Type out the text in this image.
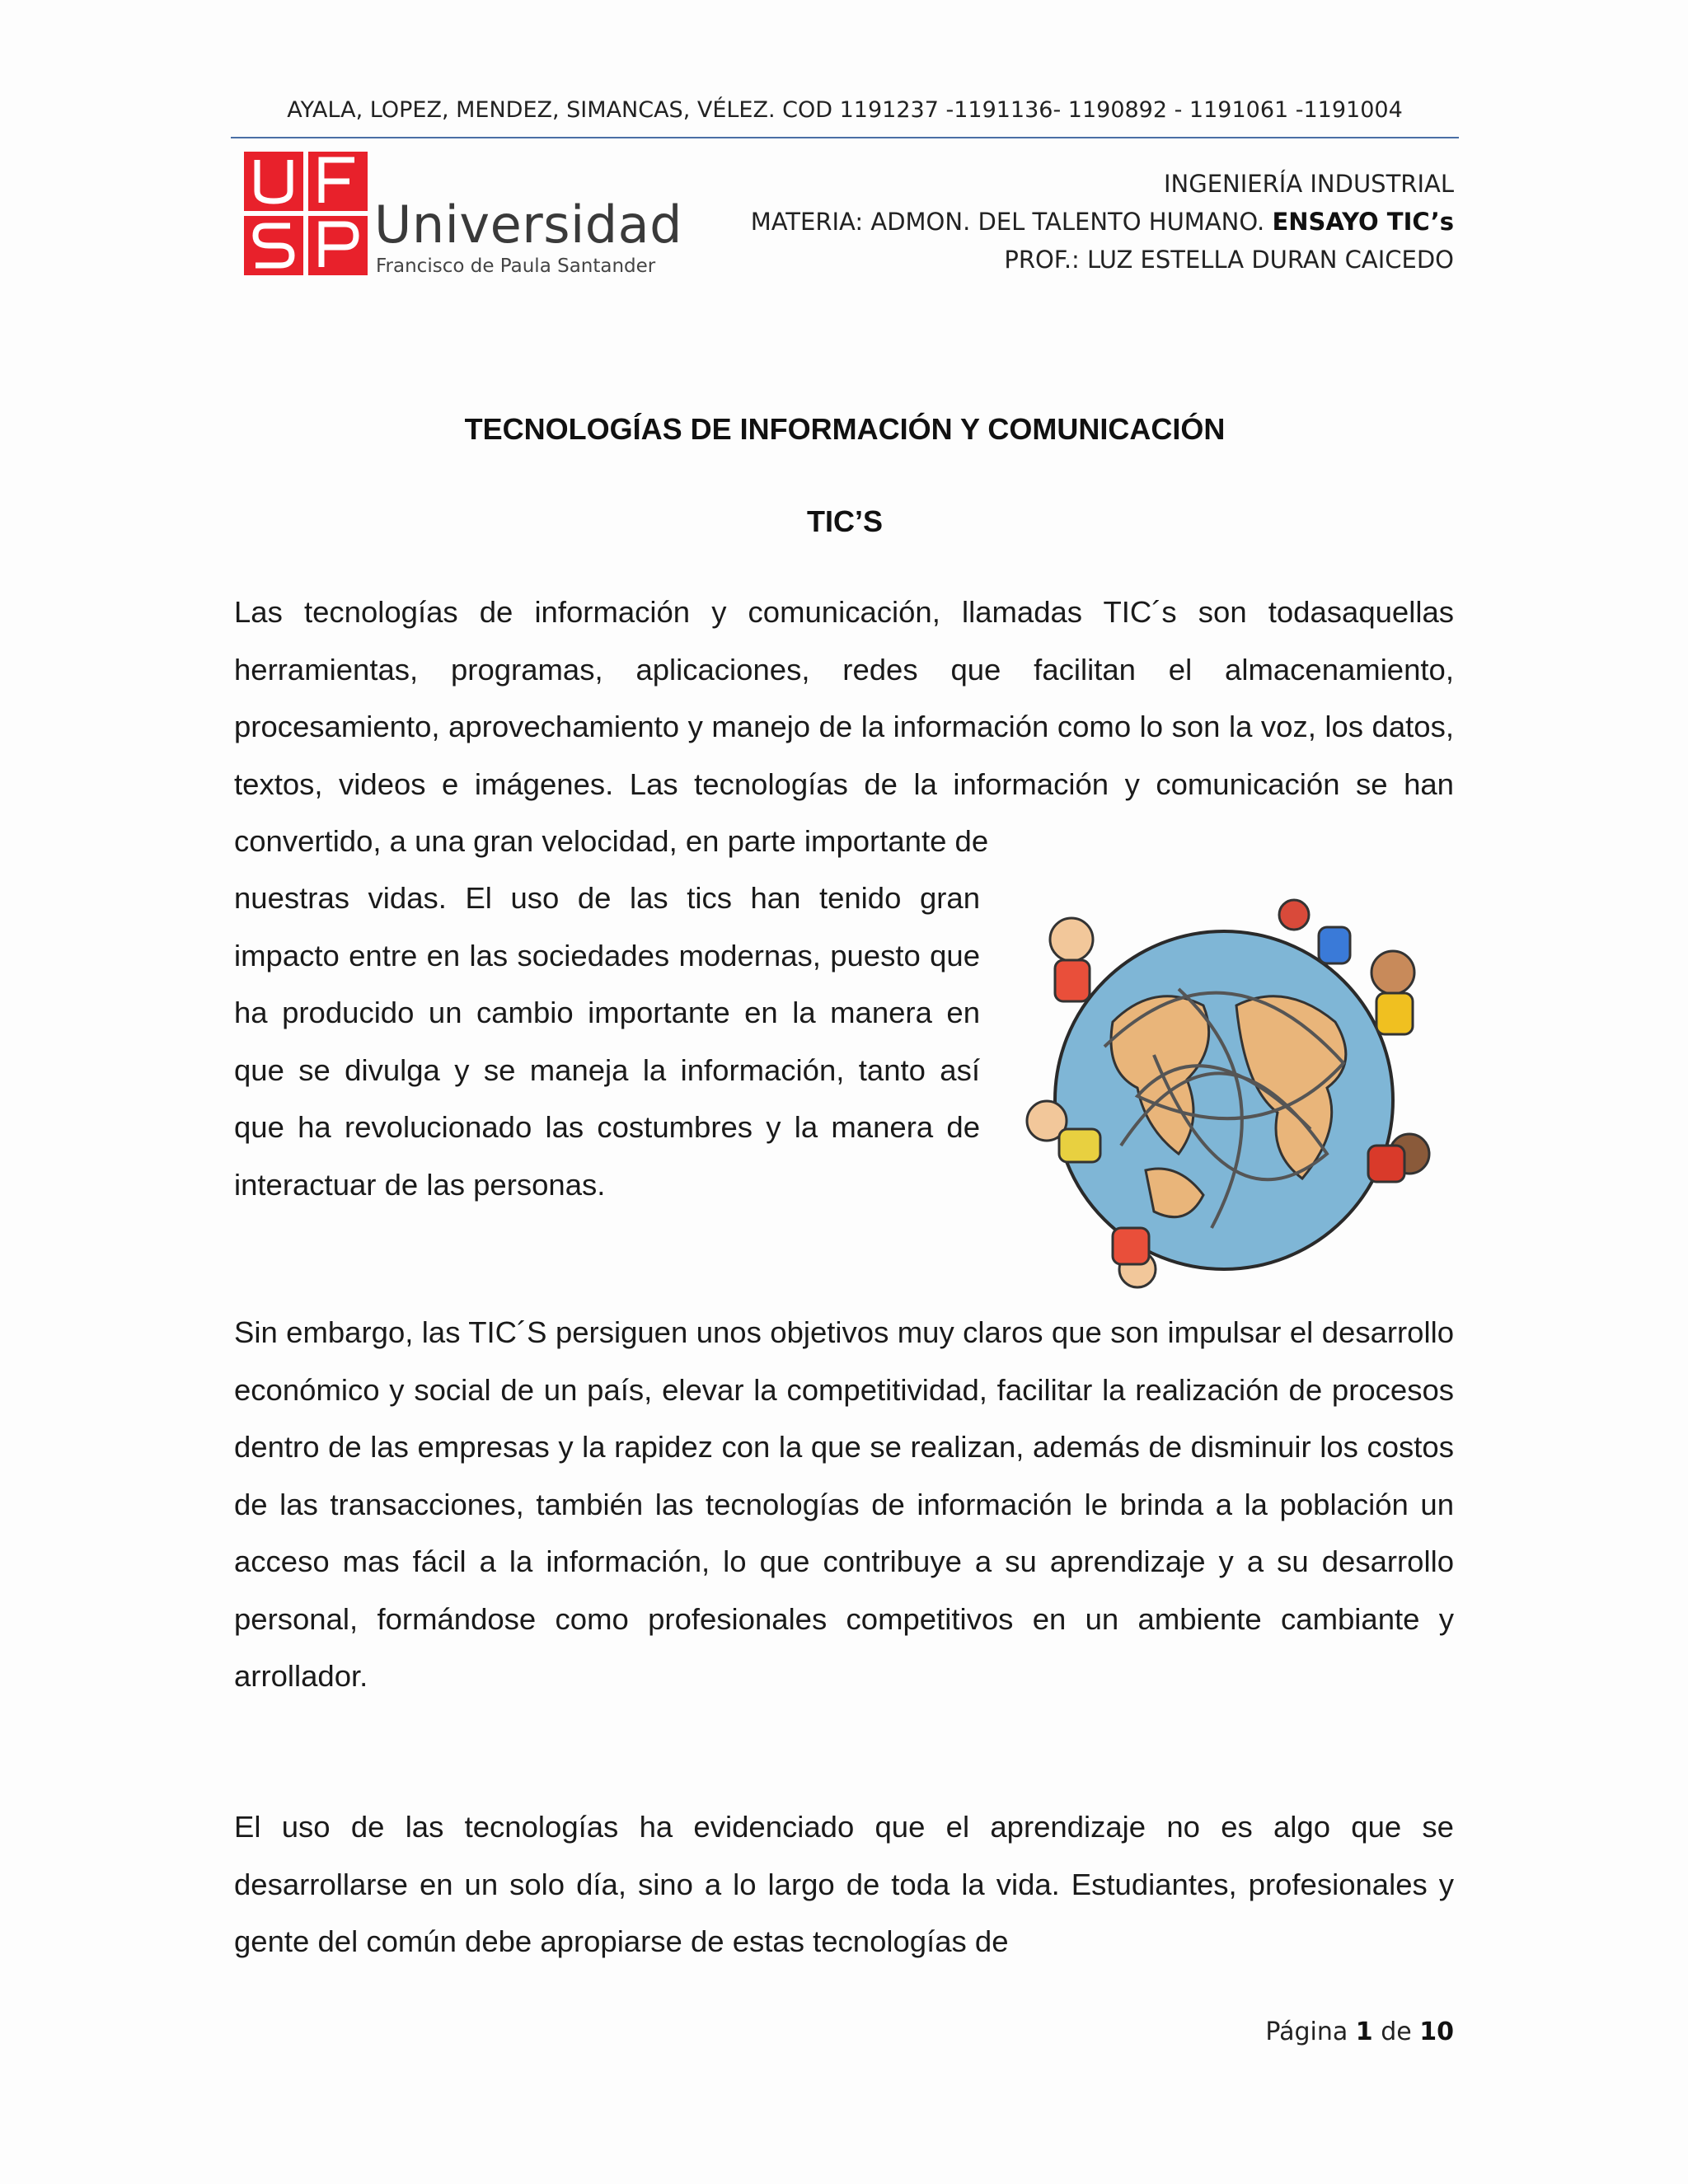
AYALA, LOPEZ, MENDEZ, SIMANCAS, VÉLEZ. COD 1191237 -1191136- 1190892 - 1191061 -1191004
Universidad
Francisco de Paula Santander
INGENIERÍA INDUSTRIAL
MATERIA: ADMON. DEL TALENTO HUMANO. ENSAYO TIC’s
PROF.: LUZ ESTELLA DURAN CAICEDO
TECNOLOGÍAS DE INFORMACIÓN Y COMUNICACIÓN
TIC’S
Las tecnologías de información y comunicación, llamadas TIC´s son todasaquellas herramientas, programas, aplicaciones, redes que facilitan el almacenamiento, procesamiento, aprovechamiento y manejo de la información como lo son la voz, los datos, textos, videos e imágenes. Las tecnologías de la información y comunicación se han convertido, a una gran velocidad, en parte importante de
nuestras vidas. El uso de las tics han tenido gran impacto entre en las sociedades modernas, puesto que ha producido un cambio importante en la manera en que se divulga y se maneja la información, tanto así que ha revolucionado las costumbres y la manera de interactuar de las personas.
Sin embargo, las TIC´S persiguen unos objetivos muy claros que son impulsar el desarrollo económico y social de un país, elevar la competitividad, facilitar la realización de procesos dentro de las empresas y la rapidez con la que se realizan, además de disminuir los costos de las transacciones, también las tecnologías de información le brinda a la población un acceso mas fácil a la información, lo que contribuye a su aprendizaje y a su desarrollo personal, formándose como profesionales competitivos en un ambiente cambiante y arrollador.
El uso de las tecnologías ha evidenciado que el aprendizaje no es algo que se desarrollarse en un solo día, sino a lo largo de toda la vida. Estudiantes, profesionales y gente del común debe apropiarse de estas tecnologías de
Página 1 de 10
